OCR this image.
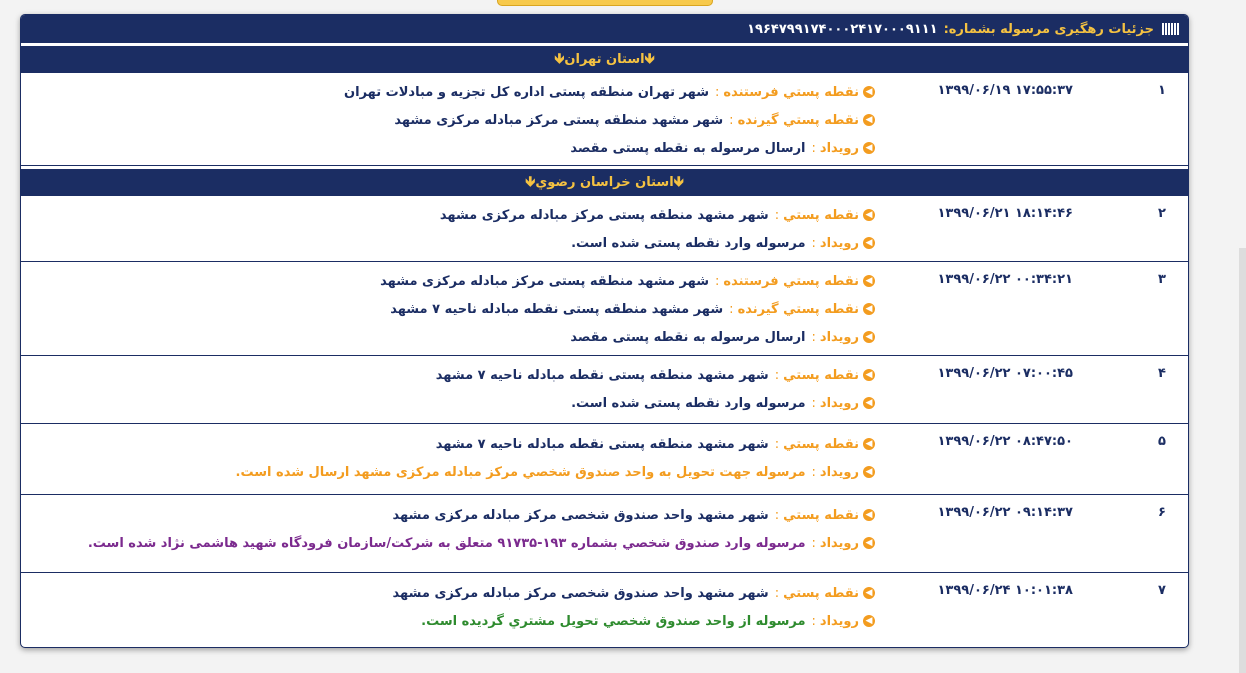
جزئیات رهگیری مرسوله بشماره:
۱۹۶۴۷۹۹۱۷۴۰۰۰۲۴۱۷۰۰۰۹۱۱۱
🡻 استان تهران 🡻
۱
۱۷:۵۵:۳۷ ۱۳۹۹/۰۶/۱۹
◀
نقطه پستي فرستنده
:
شهر تهران منطقه پستی اداره کل تجزیه و مبادلات تهران
◀
نقطه پستي گيرنده
:
شهر مشهد منطقه پستی مرکز مبادله مرکزی مشهد
◀
رويداد
:
ارسال مرسوله به نقطه پستی مقصد
🡻 استان خراسان رضوي 🡻
۲
۱۸:۱۴:۴۶ ۱۳۹۹/۰۶/۲۱
◀
نقطه پستي
:
شهر مشهد منطقه پستی مرکز مبادله مرکزی مشهد
◀
رويداد
:
مرسوله وارد نقطه پستی شده است.
۳
۰۰:۳۴:۲۱ ۱۳۹۹/۰۶/۲۲
◀
نقطه پستي فرستنده
:
شهر مشهد منطقه پستی مرکز مبادله مرکزی مشهد
◀
نقطه پستي گيرنده
:
شهر مشهد منطقه پستی نقطه مبادله ناحیه ۷ مشهد
◀
رويداد
:
ارسال مرسوله به نقطه پستی مقصد
۴
۰۷:۰۰:۴۵ ۱۳۹۹/۰۶/۲۲
◀
نقطه پستي
:
شهر مشهد منطقه پستی نقطه مبادله ناحیه ۷ مشهد
◀
رويداد
:
مرسوله وارد نقطه پستی شده است.
۵
۰۸:۴۷:۵۰ ۱۳۹۹/۰۶/۲۲
◀
نقطه پستي
:
شهر مشهد منطقه پستی نقطه مبادله ناحیه ۷ مشهد
◀
رويداد
:
مرسوله جهت تحویل به واحد صندوق شخصي مرکز مبادله مرکزی مشهد ارسال شده است.
۶
۰۹:۱۴:۳۷ ۱۳۹۹/۰۶/۲۲
◀
نقطه پستي
:
شهر مشهد واحد صندوق شخصی مرکز مبادله مرکزی مشهد
◀
رويداد
:
مرسوله وارد صندوق شخصي بشماره ۱۹۳-۹۱۷۳۵ متعلق به شرکت/سازمان فرودگاه شهيد هاشمی نژاد شده است.
۷
۱۰:۰۱:۳۸ ۱۳۹۹/۰۶/۲۴
◀
نقطه پستي
:
شهر مشهد واحد صندوق شخصی مرکز مبادله مرکزی مشهد
◀
رويداد
:
مرسوله از واحد صندوق شخصي تحويل مشتري گرديده است.
